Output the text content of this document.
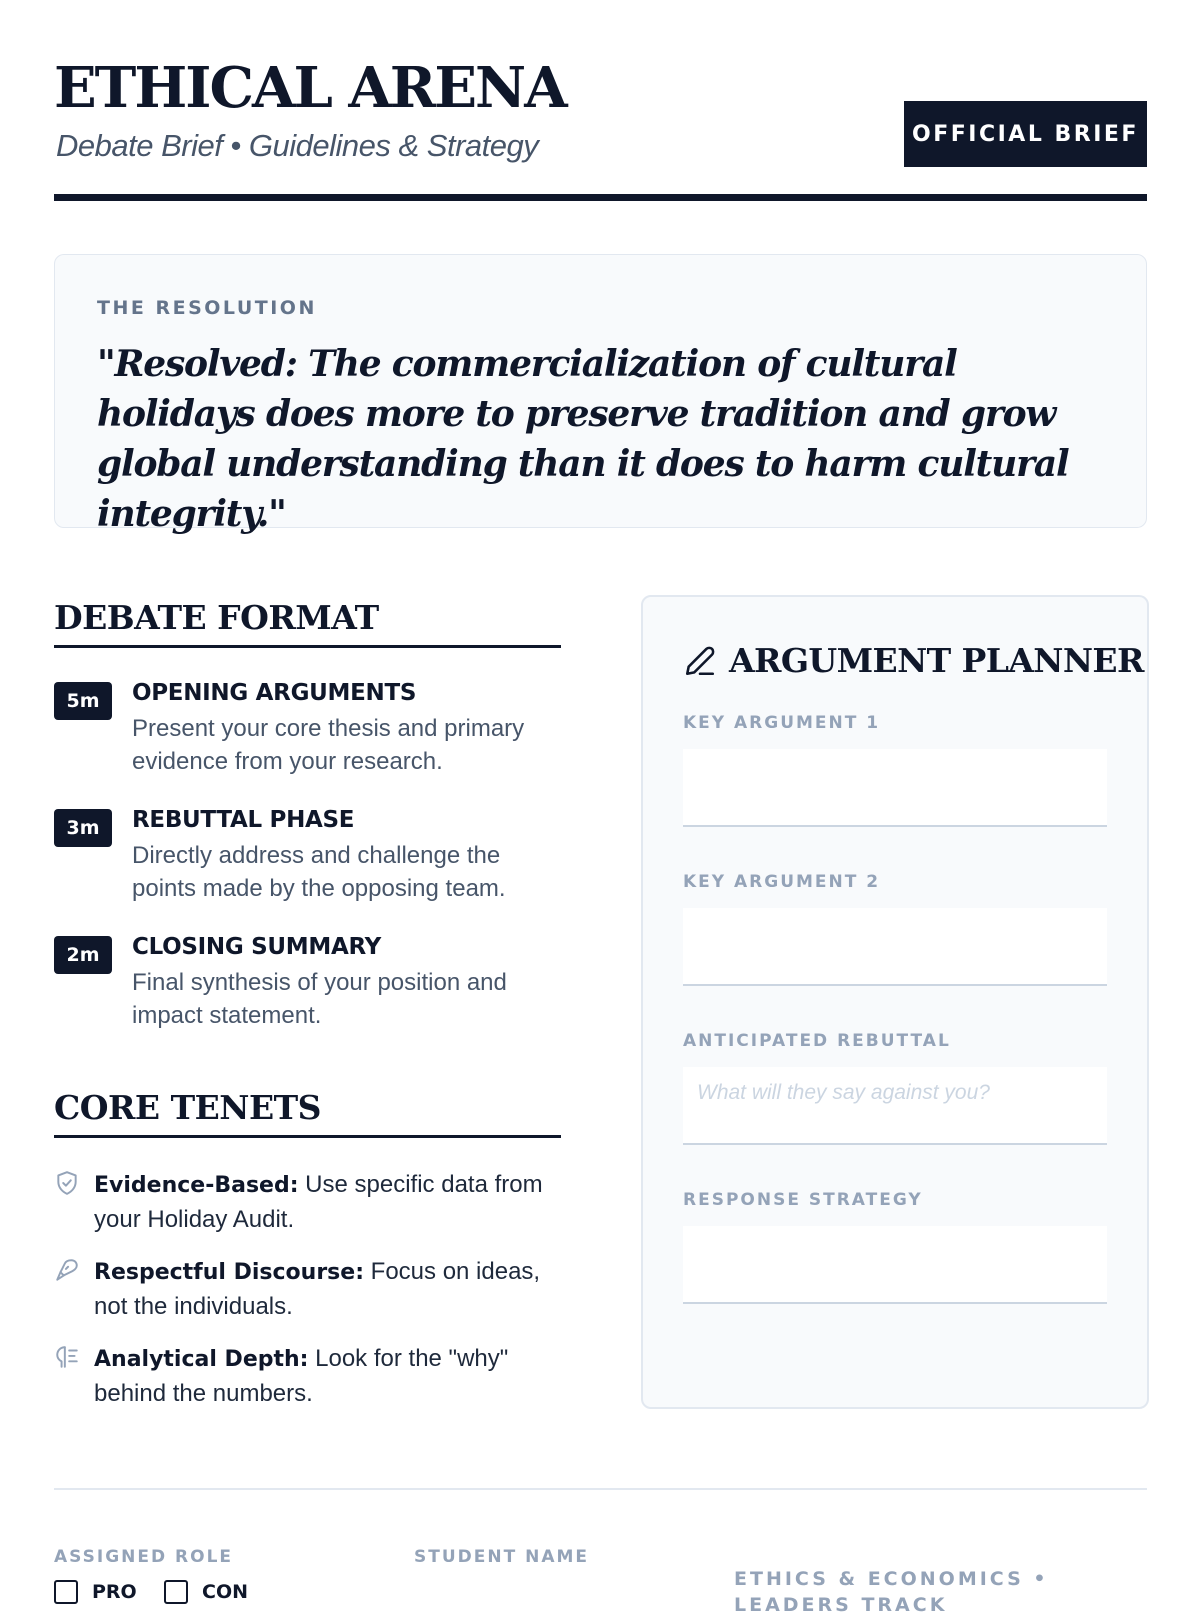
ETHICAL ARENA
Debate Brief • Guidelines & Strategy	OFFICIAL BRIEF
THE RESOLUTION
"Resolved: The commercialization of cultural holidays does more to preserve tradition and grow global understanding than it does to harm cultural integrity."
DEBATE FORMAT
5m	OPENING ARGUMENTS
Present your core thesis and primary evidence from your research.
3m	REBUTTAL PHASE
Directly address and challenge the points made by the opposing team.
2m	CLOSING SUMMARY
Final synthesis of your position and impact statement.
CORE TENETS
Evidence-Based: Use specific data from your Holiday Audit.
Respectful Discourse: Focus on ideas, not the individuals.
Analytical Depth: Look for the "why" behind the numbers.
ARGUMENT PLANNER
KEY ARGUMENT 1
KEY ARGUMENT 2
ANTICIPATED REBUTTAL
What will they say against you?
RESPONSE STRATEGY
ASSIGNED ROLE
PRO	CON
STUDENT NAME
ETHICS & ECONOMICS • LEADERS TRACK
